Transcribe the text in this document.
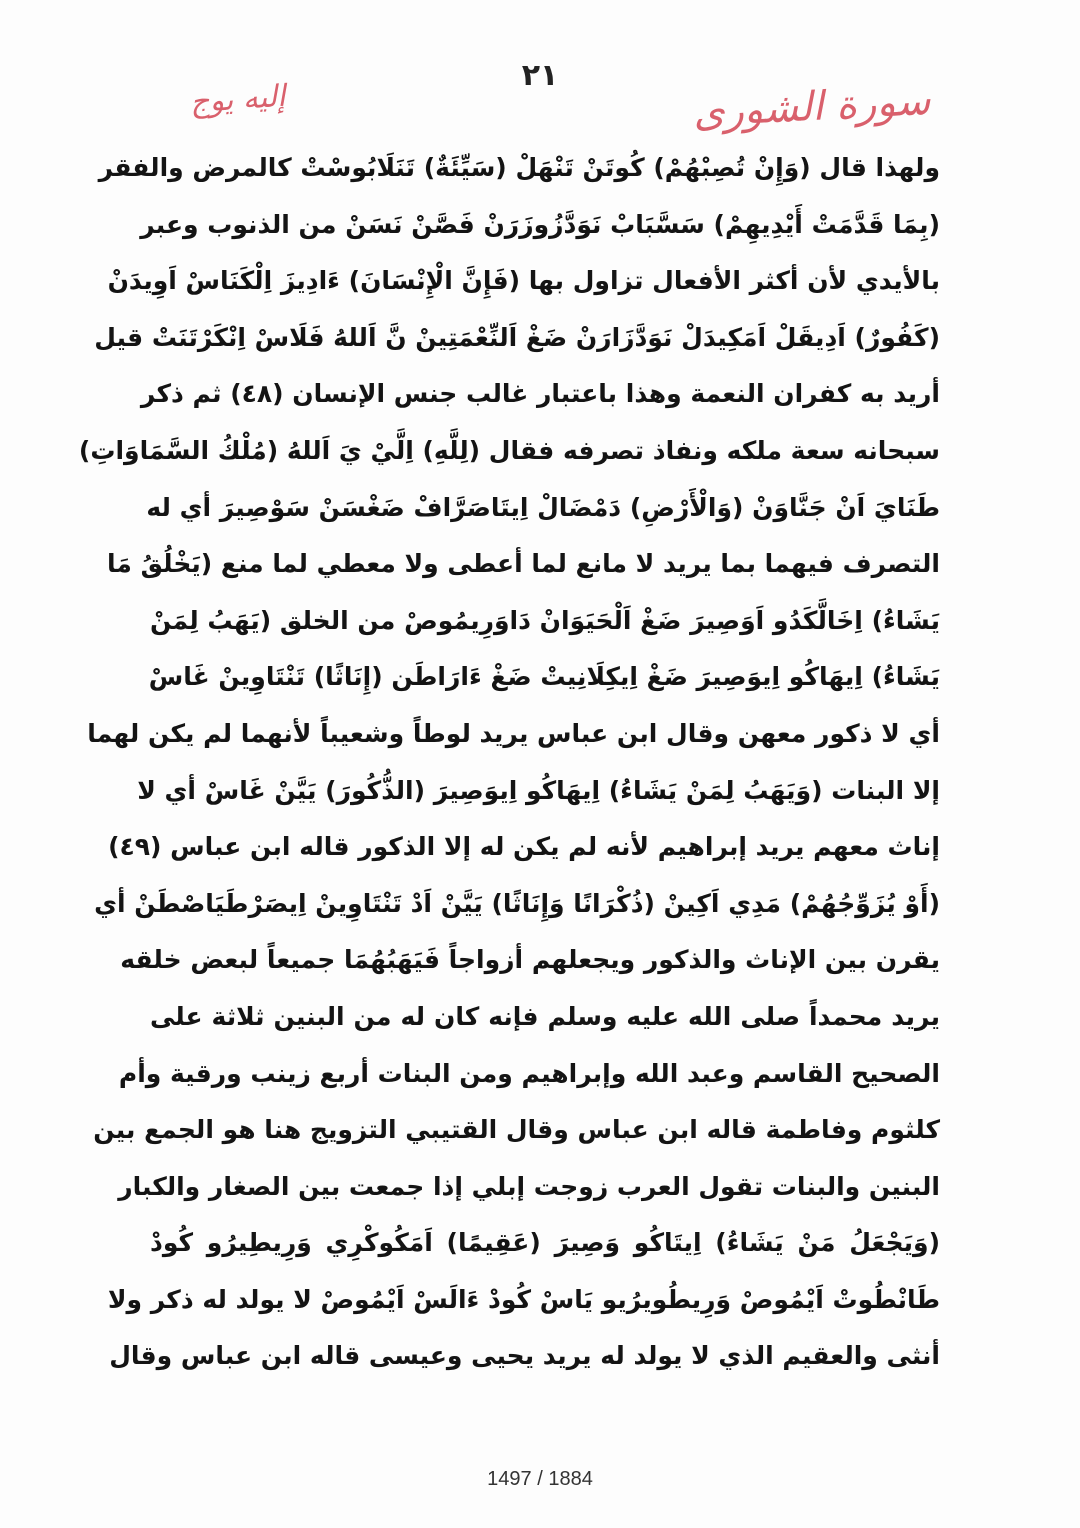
٢١
إليه يوج	سورة الشورى
ولهذا قال (وَإِنْ تُصِبْهُمْ) كُوتَنْ تَنْهَلْ (سَيِّئَةٌ) تَنَلَابُوسْتْ كالمرض والفقر
(بِمَا قَدَّمَتْ أَيْدِيهِمْ) سَسَّبَابْ نَوَدَّزُوزَرَنْ فَصَّنْ نَسَنْ من الذنوب وعبر
بالأيدي لأن أكثر الأفعال تزاول بها (فَإِنَّ الْإِنْسَانَ) ءَادِيزَ اِلْكَنَاسْ اَوِيدَنْ
(كَفُورٌ) اَدِيقَلْ اَمَكِيدَلْ نَوَدَّزَارَنْ ضَغْ اَلنِّعْمَتِينْ نَّ اَللهُ فَلَاسْ اِنْكَرْتَنَتْ قيل
أريد به كفران النعمة وهذا باعتبار غالب جنس الإنسان (٤٨) ثم ذكر
سبحانه سعة ملكه ونفاذ تصرفه فقال (لِلَّهِ) اِلَّيْ يَ اَللهُ (مُلْكُ السَّمَاوَاتِ)
طَنَايَ اَنْ جَنَّاوَنْ (وَالْأَرْضِ) دَمْضَالْ اِيتَاصَرَّافْ ضَغْسَنْ سَوْصِيرَ أي له
التصرف فيهما بما يريد لا مانع لما أعطى ولا معطي لما منع (يَخْلُقُ مَا
يَشَاءُ) اِخَالَّكَدُو اَوَصِيرَ ضَغْ اَلْحَيَوَانْ دَاوَرِيمُوصْ من الخلق (يَهَبُ لِمَنْ
يَشَاءُ) اِيهَاكُو اِيوَصِيرَ ضَغْ اِيكِلَانِيتْ ضَغْ ءَارَاطَن (إِنَاثًا) تَنْتَاوِينْ غَاسْ
أي لا ذكور معهن وقال ابن عباس يريد لوطاً وشعيباً لأنهما لم يكن لهما
إلا البنات (وَيَهَبُ لِمَنْ يَشَاءُ) اِيهَاكُو اِيوَصِيرَ (الذُّكُورَ) يَيَّنْ غَاسْ أي لا
إناث معهم يريد إبراهيم لأنه لم يكن له إلا الذكور قاله ابن عباس (٤٩)
(أَوْ يُزَوِّجُهُمْ) مَدِي اَكِينْ (ذُكْرَانًا وَإِنَاثًا) يَيَّنْ اَدْ تَنْتَاوِينْ اِيصَرْطَيَاصْطَنْ أي
يقرن بين الإناث والذكور ويجعلهم أزواجاً فَيَهَبُهُمَا جميعاً لبعض خلقه
يريد محمداً صلى الله عليه وسلم فإنه كان له من البنين ثلاثة على
الصحيح القاسم وعبد الله وإبراهيم ومن البنات أربع زينب ورقية وأم
كلثوم وفاطمة قاله ابن عباس وقال القتيبي التزويج هنا هو الجمع بين
البنين والبنات تقول العرب زوجت إبلي إذا جمعت بين الصغار والكبار
(وَيَجْعَلُ مَنْ يَشَاءُ) اِيتَاكُو وَصِيرَ (عَقِيمًا) اَمَكُوكْرِي وَرِيطِيرُو كُودْ
طَانْطُوتْ اَيْمُوصْ وَرِيطُويرُيو يَاسْ كُودْ ءَالَسْ اَيْمُوصْ لا يولد له ذكر ولا
أنثى والعقيم الذي لا يولد له يريد يحيى وعيسى قاله ابن عباس وقال
1497 / 1884
